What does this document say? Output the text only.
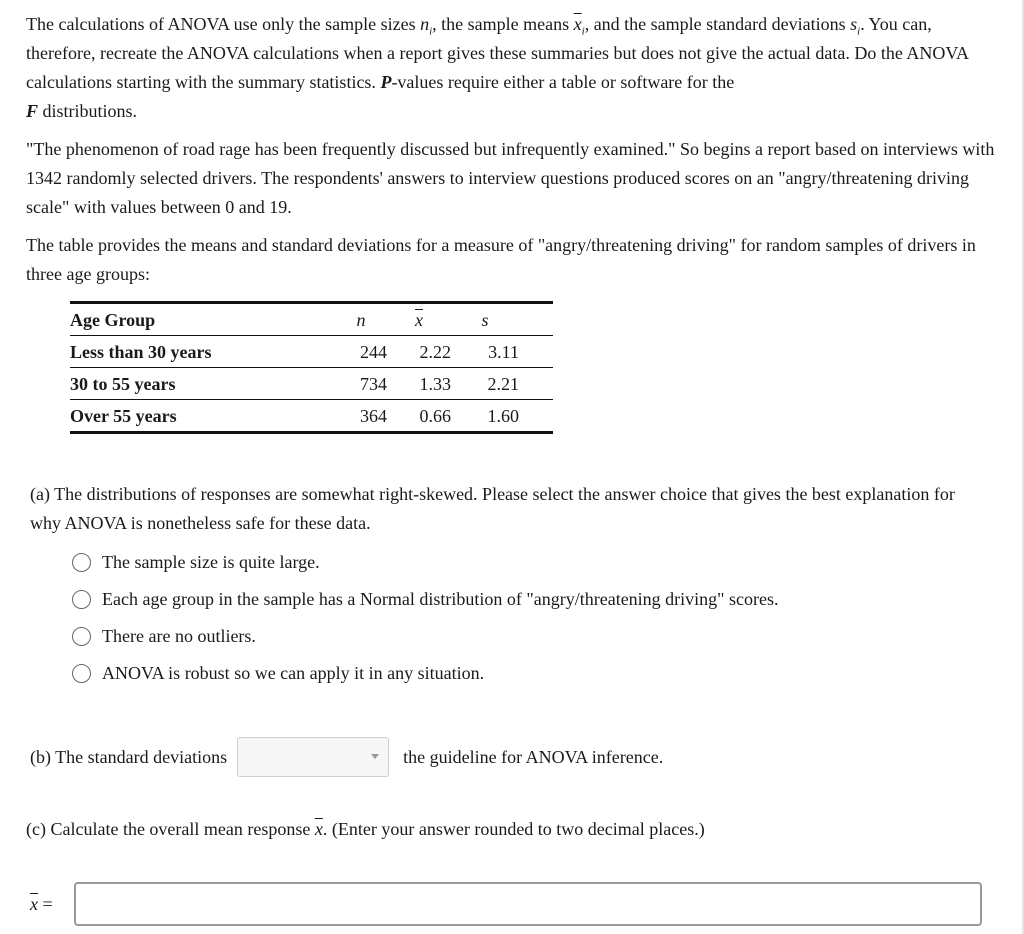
The calculations of ANOVA use only the sample sizes $n_i$, the sample means $\overline{x}_i$, and the sample standard deviations $s_i$. You can, therefore, recreate the ANOVA calculations when a report gives these summaries but does not give the actual data. Do the ANOVA calculations starting with the summary statistics. P-values require either a table or software for the
F distributions.

"The phenomenon of road rage has been frequently discussed but infrequently examined." So begins a report based on interviews with 1342 randomly selected drivers. The respondents' answers to interview questions produced scores on an "angry/threatening driving scale" with values between 0 and 19.

The table provides the means and standard deviations for a measure of "angry/threatening driving" for random samples of drivers in three age groups:

Age Group	n	$\overline{x}$	s
Less than 30 years	244	2.22	3.11
30 to 55 years	734	1.33	2.21
Over 55 years	364	0.66	1.60

(a) The distributions of responses are somewhat right-skewed. Please select the answer choice that gives the best explanation for why ANOVA is nonetheless safe for these data.

The sample size is quite large.
Each age group in the sample has a Normal distribution of "angry/threatening driving" scores.
There are no outliers.
ANOVA is robust so we can apply it in any situation.
(b) The standard deviations	the guideline for ANOVA inference.
(c) Calculate the overall mean response $\overline{x}$. (Enter your answer rounded to two decimal places.)
$\overline{x}$ =
